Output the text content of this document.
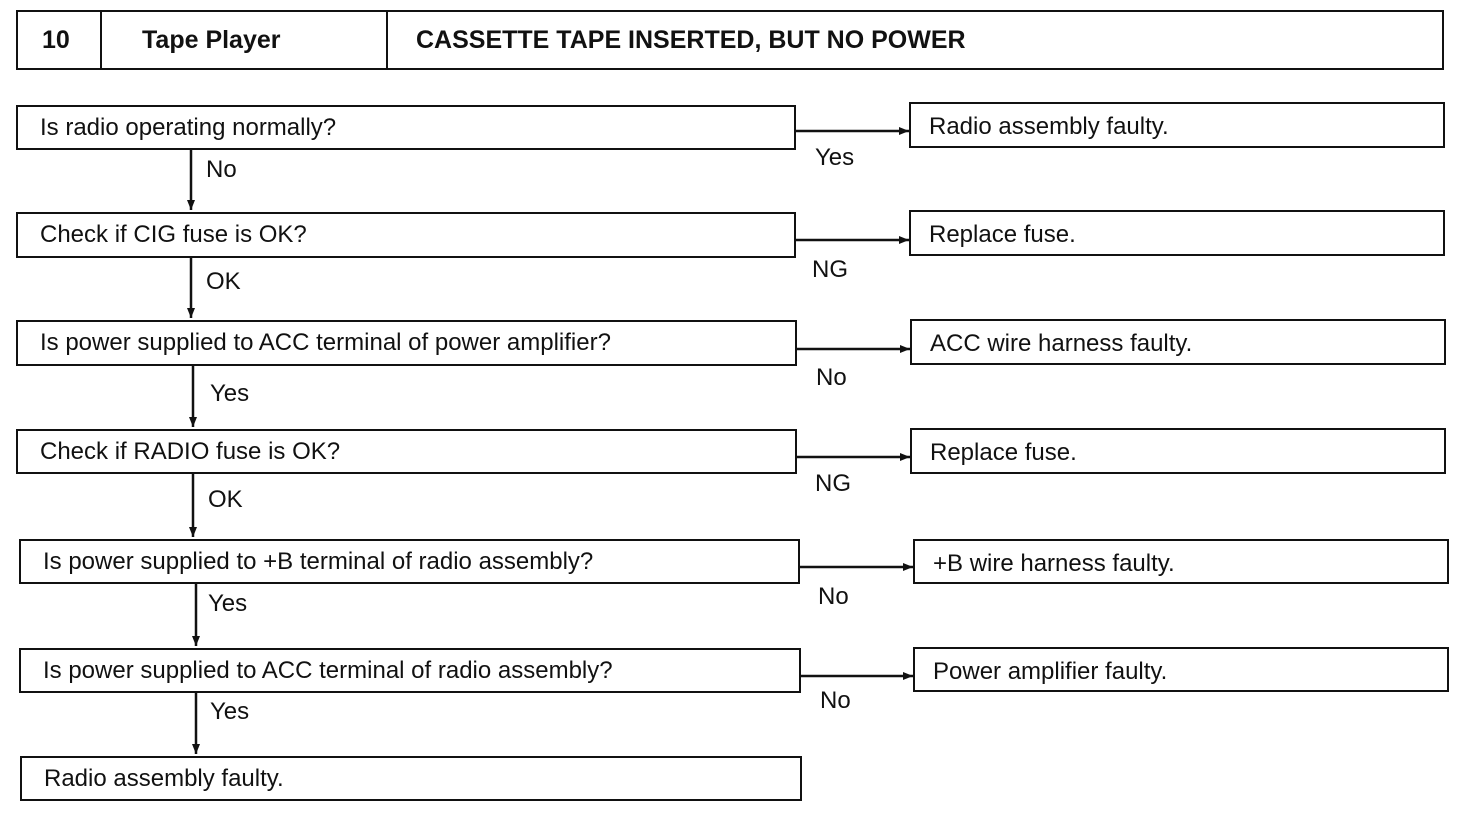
10	Tape Player	CASSETTE TAPE INSERTED, BUT NO POWER
Is radio operating normally?	Radio assembly faulty.
No	Yes
Check if CIG fuse is OK?	Replace fuse.
OK	NG
Is power supplied to ACC terminal of power amplifier?	ACC wire harness faulty.
Yes
No
Check if RADIO fuse is OK?	Replace fuse.
OK
NG
Is power supplied to +B terminal of radio assembly?	+B wire harness faulty.
Yes	No
Is power supplied to ACC terminal of radio assembly?	Power amplifier faulty.
Yes	No
Radio assembly faulty.
